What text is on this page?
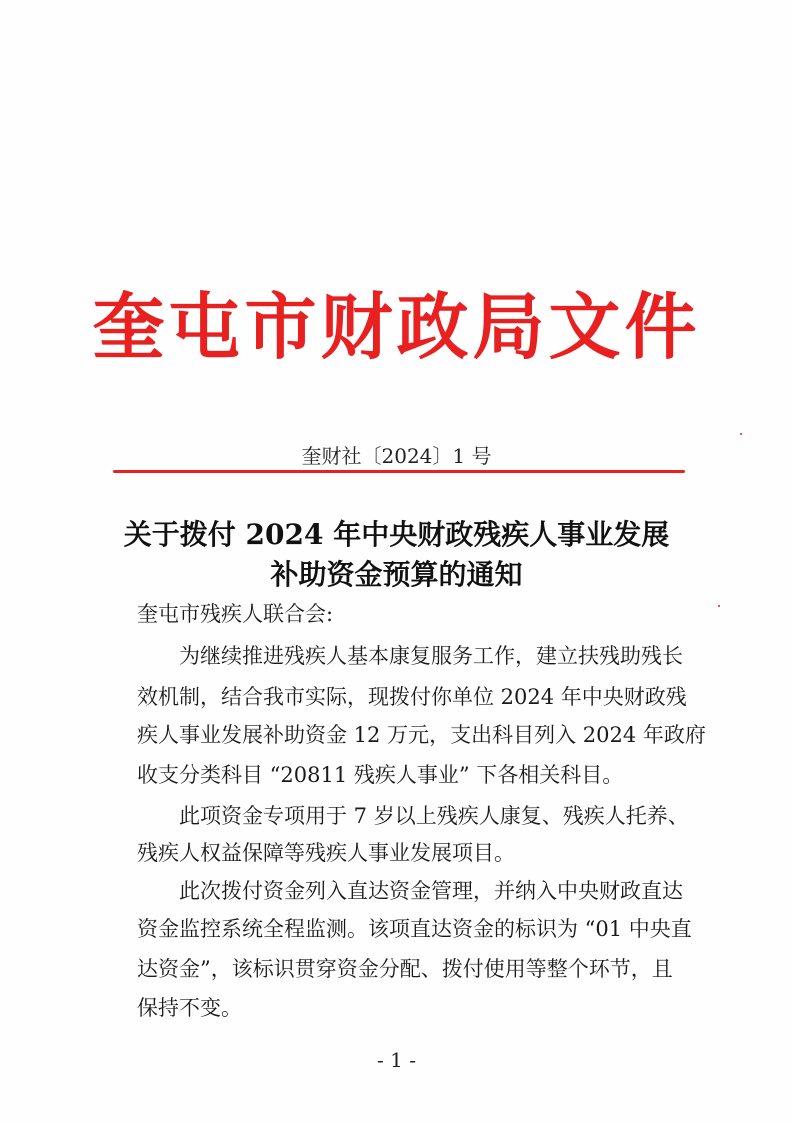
奎屯市财政局文件
奎财社〔2024〕1 号
关于拨付 2024 年中央财政残疾人事业发展
补助资金预算的通知
奎屯市残疾人联合会:
为继续推进残疾人基本康复服务工作，建立扶残助残长
效机制，结合我市实际，现拨付你单位 2024 年中央财政残
疾人事业发展补助资金 12 万元，支出科目列入 2024 年政府
收支分类科目 “20811 残疾人事业” 下各相关科目。
此项资金专项用于 7 岁以上残疾人康复、残疾人托养、
残疾人权益保障等残疾人事业发展项目。
此次拨付资金列入直达资金管理，并纳入中央财政直达
资金监控系统全程监测。该项直达资金的标识为 “01 中央直
达资金”，该标识贯穿资金分配、拨付使用等整个环节，且
保持不变。
- 1 -
